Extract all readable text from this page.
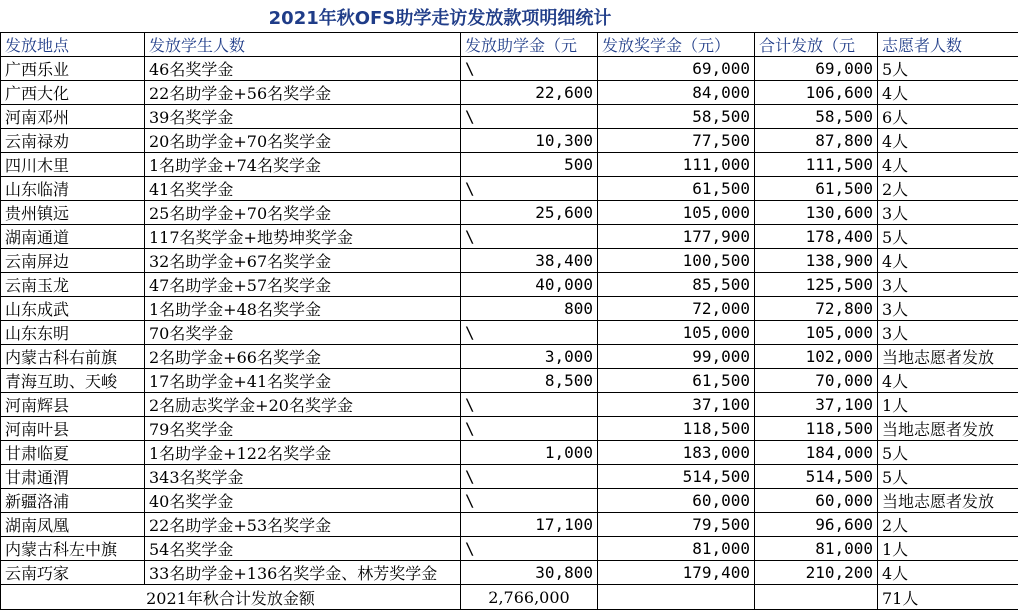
2021年秋OFS助学走访发放款项明细统计
发放地点	发放学生人数	发放助学金（元	发放奖学金（元）	合计发放（元	志愿者人数
广西乐业	46名奖学金	\	69,000	69,000	5人
广西大化	22名助学金+56名奖学金	22,600	84,000	106,600	4人
河南邓州	39名奖学金	\	58,500	58,500	6人
云南禄劝	20名助学金+70名奖学金	10,300	77,500	87,800	4人
四川木里	1名助学金+74名奖学金	500	111,000	111,500	4人
山东临清	41名奖学金	\	61,500	61,500	2人
贵州镇远	25名助学金+70名奖学金	25,600	105,000	130,600	3人
湖南通道	117名奖学金+地势坤奖学金	\	177,900	178,400	5人
云南屏边	32名助学金+67名奖学金	38,400	100,500	138,900	4人
云南玉龙	47名助学金+57名奖学金	40,000	85,500	125,500	3人
山东成武	1名助学金+48名奖学金	800	72,000	72,800	3人
山东东明	70名奖学金	\	105,000	105,000	3人
内蒙古科右前旗	2名助学金+66名奖学金	3,000	99,000	102,000	当地志愿者发放
青海互助、天峻	17名助学金+41名奖学金	8,500	61,500	70,000	4人
河南辉县	2名励志奖学金+20名奖学金	\	37,100	37,100	1人
河南叶县	79名奖学金	\	118,500	118,500	当地志愿者发放
甘肃临夏	1名助学金+122名奖学金	1,000	183,000	184,000	5人
甘肃通渭	343名奖学金	\	514,500	514,500	5人
新疆洛浦	40名奖学金	\	60,000	60,000	当地志愿者发放
湖南凤凰	22名助学金+53名奖学金	17,100	79,500	96,600	2人
内蒙古科左中旗	54名奖学金	\	81,000	81,000	1人
云南巧家	33名助学金+136名奖学金、林芳奖学金	30,800	179,400	210,200	4人
2021年秋合计发放金额		2,766,000			71人
